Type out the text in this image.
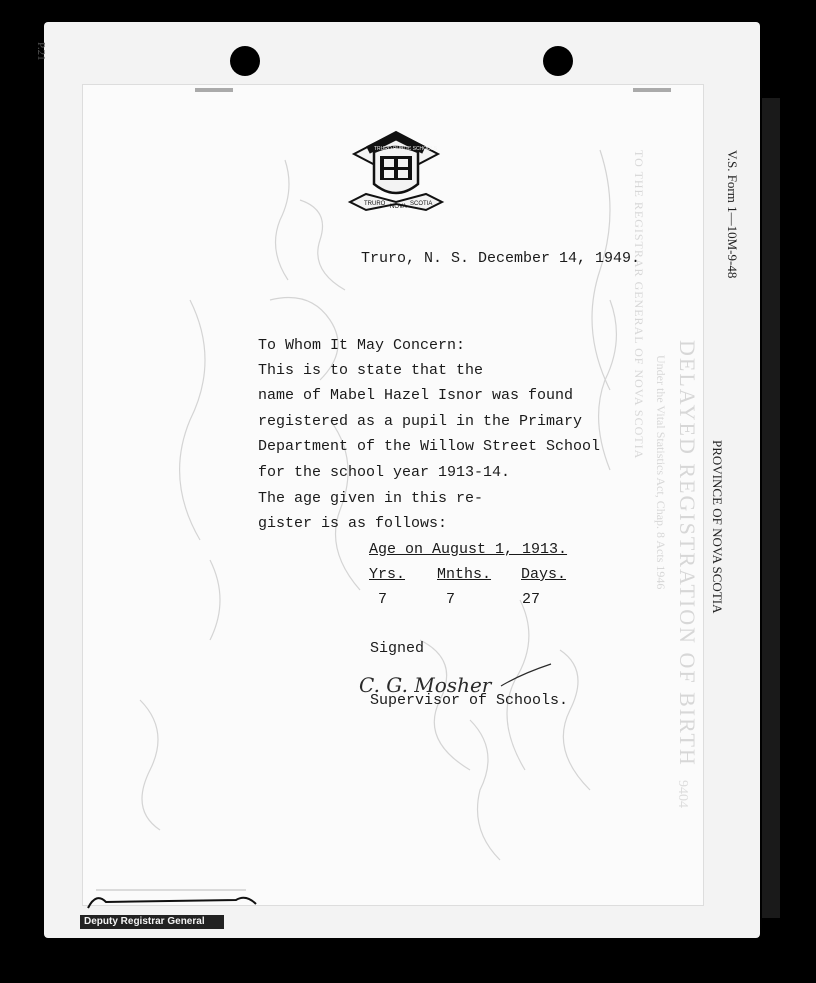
P.21
V.S. Form 1—10M-9-48
PROVINCE OF NOVA SCOTIA
DELAYED REGISTRATION OF BIRTH
Under the Vital Statistics Act, Chap. 8 Acts 1946
TO THE REGISTRAR GENERAL OF NOVA SCOTIA
9404
TRURO NOVA SCOTIA
TRURO PUBLIC SCHOOLS
Truro, N. S. December 14, 1949.
To Whom It May Concern:
This is to state that the
name of Mabel Hazel Isnor was found
registered as a pupil in the Primary
Department of the Willow Street School
for the school year 1913-14.
The age given in this re-
gister is as follows:
Age on August 1, 1913.
Yrs. Mnths. Days.
7	7	27
Signed
C. G. Mosher
Supervisor of Schools.
Deputy Registrar General
